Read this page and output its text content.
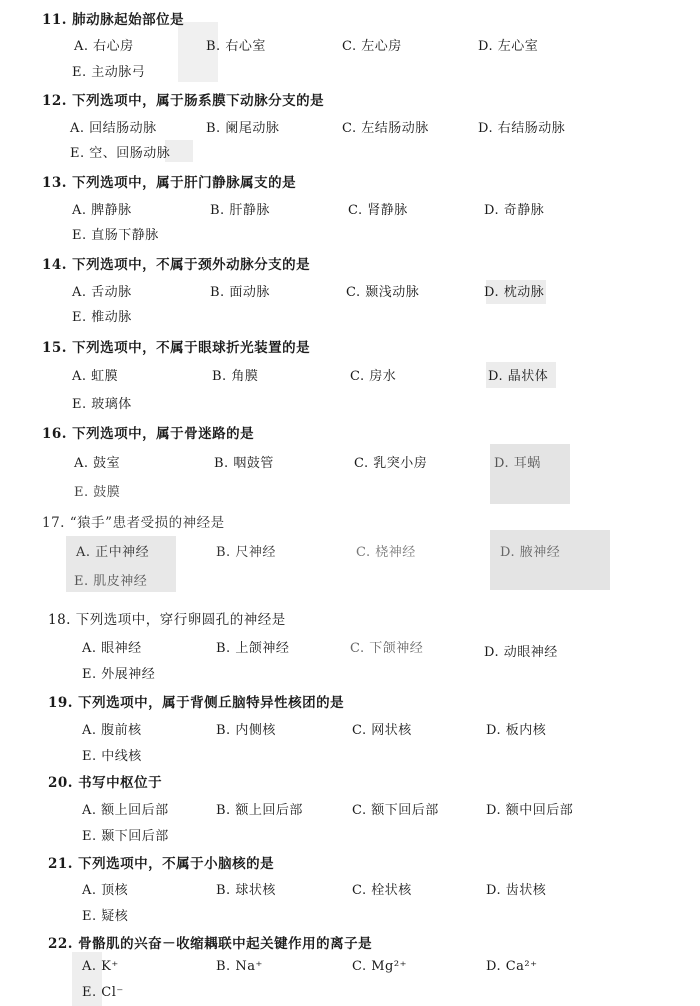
11. 肺动脉起始部位是
A. 右心房	B. 右心室	C. 左心房	D. 左心室
E. 主动脉弓
12. 下列选项中，属于肠系膜下动脉分支的是
A. 回结肠动脉	B. 阑尾动脉	C. 左结肠动脉	D. 右结肠动脉
E. 空、回肠动脉
13. 下列选项中，属于肝门静脉属支的是
A. 脾静脉	B. 肝静脉	C. 肾静脉	D. 奇静脉
E. 直肠下静脉
14. 下列选项中，不属于颈外动脉分支的是
A. 舌动脉	B. 面动脉	C. 颞浅动脉	D. 枕动脉
E. 椎动脉
15. 下列选项中，不属于眼球折光装置的是
A. 虹膜	B. 角膜	C. 房水	D. 晶状体
E. 玻璃体
16. 下列选项中，属于骨迷路的是
A. 鼓室	B. 咽鼓管	C. 乳突小房	D. 耳蜗
E. 鼓膜
17. “猿手”患者受损的神经是
A. 正中神经	B. 尺神经	C. 桡神经	D. 腋神经
E. 肌皮神经
18. 下列选项中，穿行卵圆孔的神经是
A. 眼神经	B. 上颌神经	C. 下颌神经	D. 动眼神经
E. 外展神经
19. 下列选项中，属于背侧丘脑特异性核团的是
A. 腹前核	B. 内侧核	C. 网状核	D. 板内核
E. 中线核
20. 书写中枢位于
A. 额上回后部	B. 额上回后部	C. 额下回后部	D. 额中回后部
E. 颞下回后部
21. 下列选项中，不属于小脑核的是
A. 顶核	B. 球状核	C. 栓状核	D. 齿状核
E. 疑核
22. 骨骼肌的兴奋－收缩耦联中起关键作用的离子是
A. K⁺	B. Na⁺	C. Mg²⁺	D. Ca²⁺
E. Cl⁻
